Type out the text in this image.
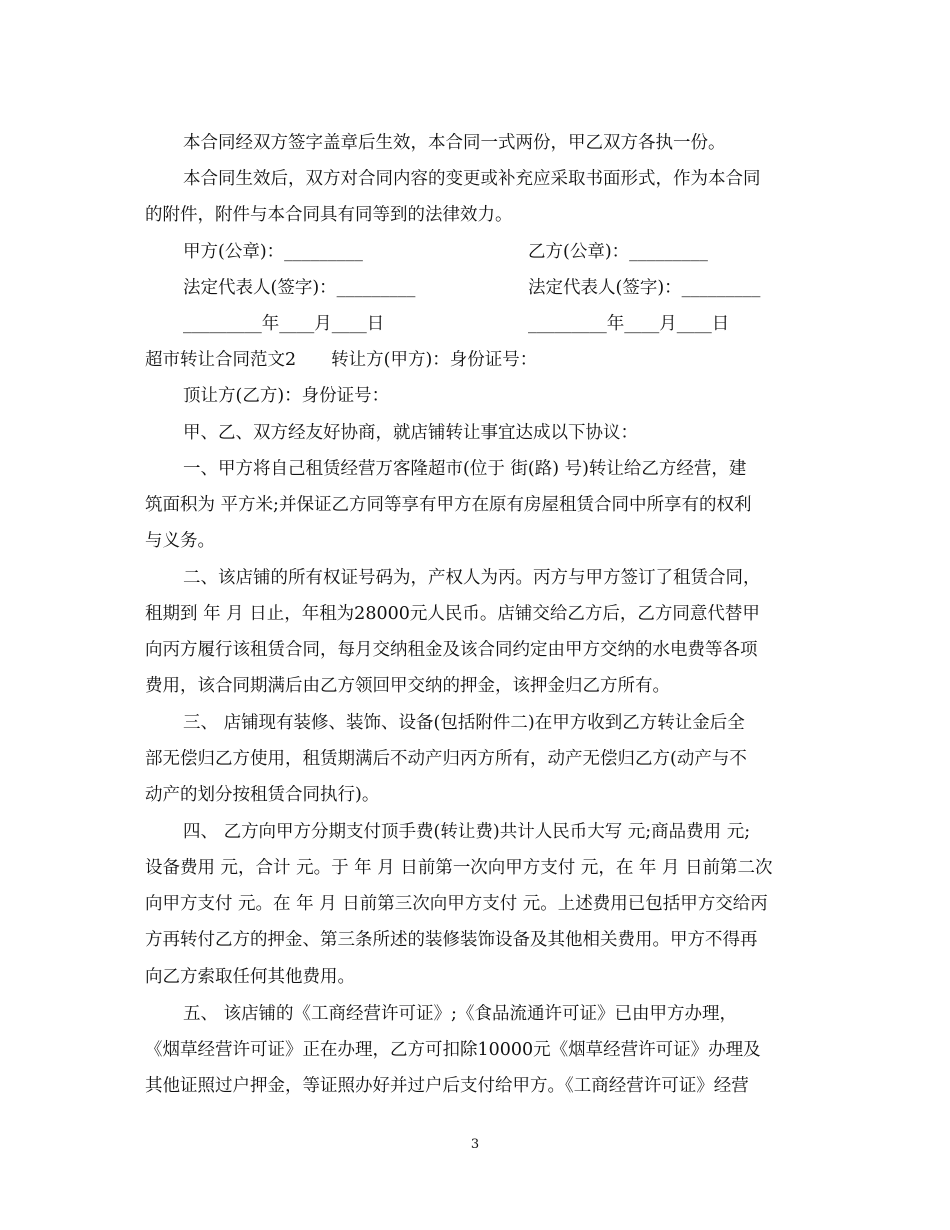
本合同经双方签字盖章后生效，本合同一式两份，甲乙双方各执一份。
本合同生效后，双方对合同内容的变更或补充应采取书面形式，作为本合同
的附件，附件与本合同具有同等到的法律效力。
甲方(公章)：_________	乙方(公章)：_________
法定代表人(签字)：_________	法定代表人(签字)：_________
_________年____月____日	_________年____月____日
超市转让合同范文2　　转让方(甲方)：身份证号：
顶让方(乙方)：身份证号：
甲、乙、双方经友好协商，就店铺转让事宜达成以下协议：
一、甲方将自己租赁经营万客隆超市(位于 街(路) 号)转让给乙方经营，建
筑面积为 平方米;并保证乙方同等享有甲方在原有房屋租赁合同中所享有的权利
与义务。
二、该店铺的所有权证号码为，产权人为丙。丙方与甲方签订了租赁合同，
租期到 年 月 日止，年租为28000元人民币。店铺交给乙方后，乙方同意代替甲
向丙方履行该租赁合同，每月交纳租金及该合同约定由甲方交纳的水电费等各项
费用，该合同期满后由乙方领回甲交纳的押金，该押金归乙方所有。
三、 店铺现有装修、装饰、设备(包括附件二)在甲方收到乙方转让金后全
部无偿归乙方使用，租赁期满后不动产归丙方所有，动产无偿归乙方(动产与不
动产的划分按租赁合同执行)。
四、 乙方向甲方分期支付顶手费(转让费)共计人民币大写 元;商品费用 元;
设备费用 元，合计 元。于 年 月 日前第一次向甲方支付 元，在 年 月 日前第二次
向甲方支付 元。在 年 月 日前第三次向甲方支付 元。上述费用已包括甲方交给丙
方再转付乙方的押金、第三条所述的装修装饰设备及其他相关费用。甲方不得再
向乙方索取任何其他费用。
五、 该店铺的《工商经营许可证》;《食品流通许可证》已由甲方办理，
《烟草经营许可证》正在办理，乙方可扣除10000元《烟草经营许可证》办理及
其他证照过户押金，等证照办好并过户后支付给甲方。《工商经营许可证》经营
3
